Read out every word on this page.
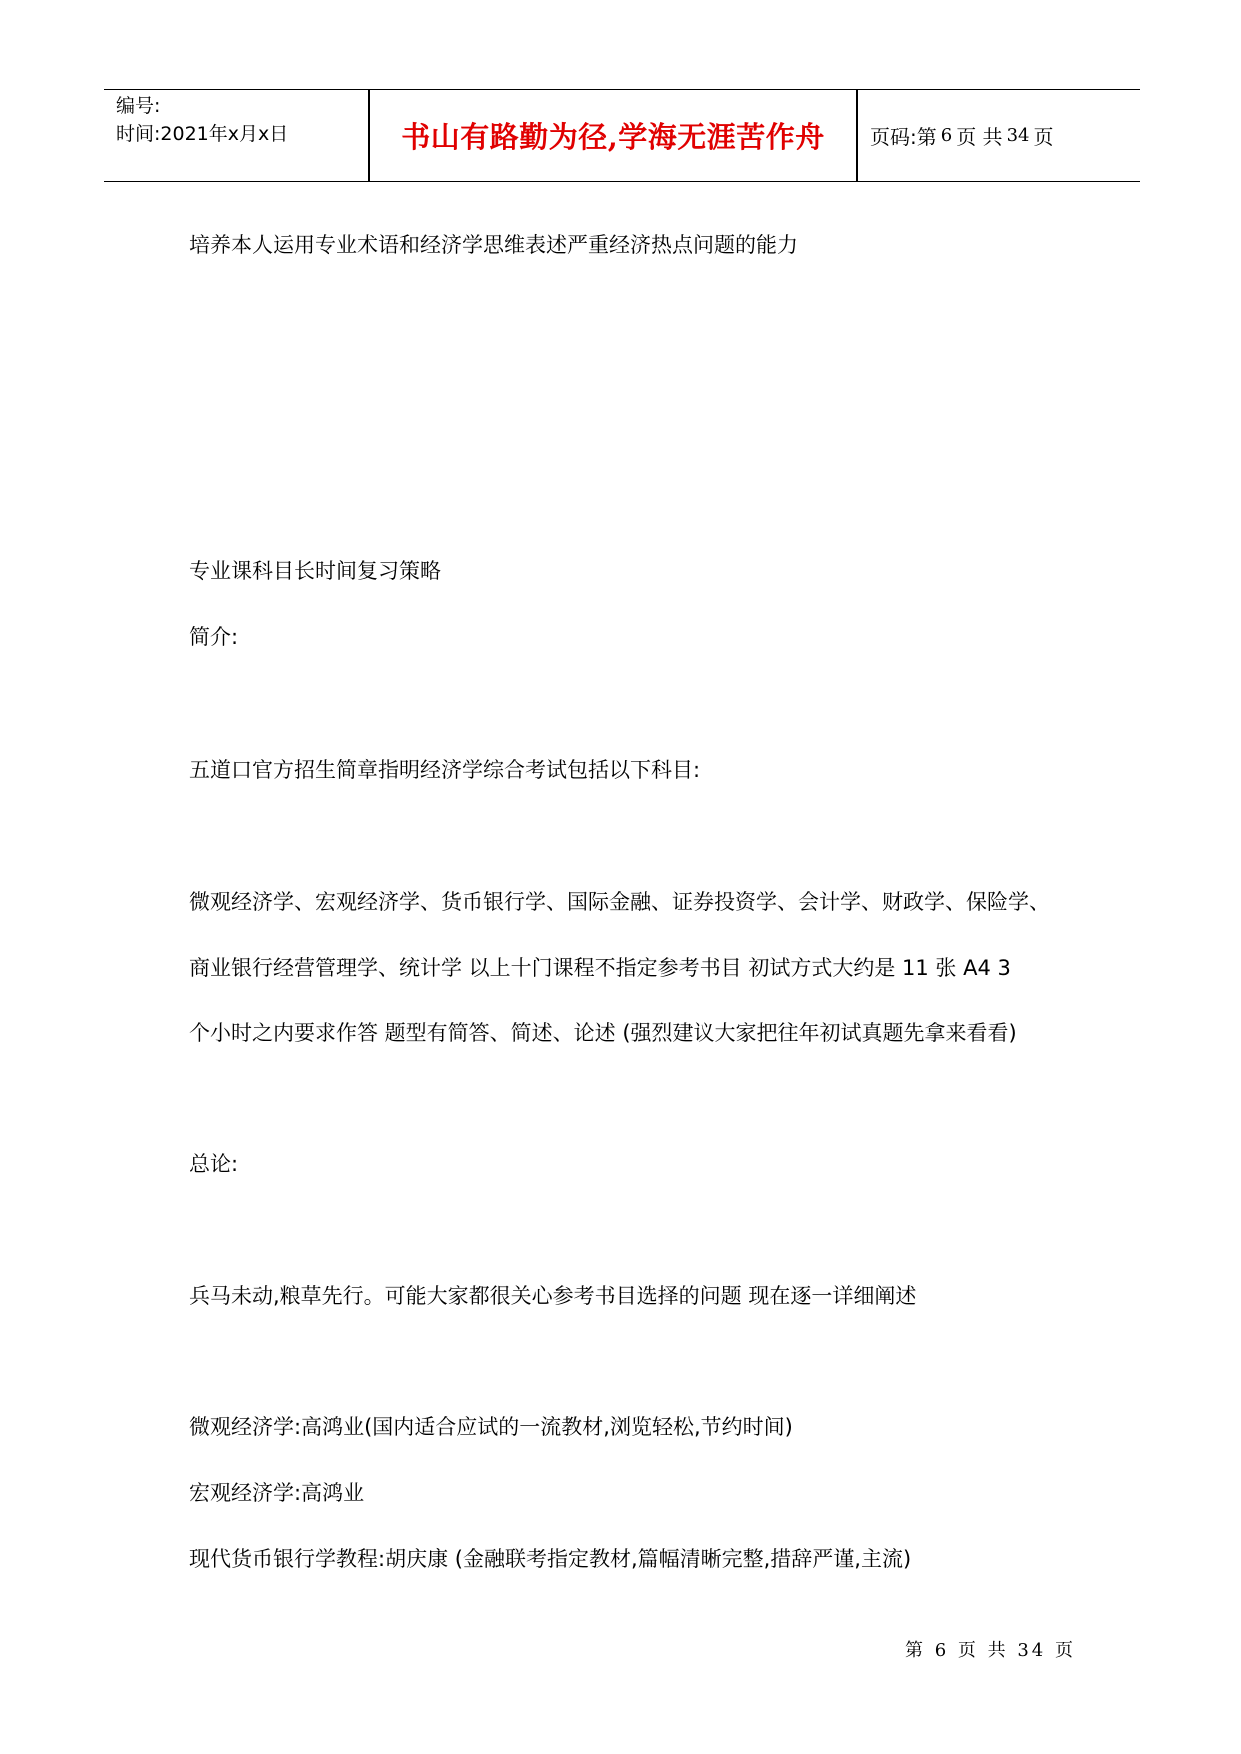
编号:
时间:2021年x月x日	书山有路勤为径,学海无涯苦作舟	页码:第 6 页 共 34 页
培养本人运用专业术语和经济学思维表述严重经济热点问题的能力
专业课科目长时间复习策略
简介:
五道口官方招生简章指明经济学综合考试包括以下科目:
微观经济学、宏观经济学、货币银行学、国际金融、证券投资学、会计学、财政学、保险学、
商业银行经营管理学、统计学 以上十门课程不指定参考书目 初试方式大约是 11 张 A4 3
个小时之内要求作答 题型有简答、简述、论述 (强烈建议大家把往年初试真题先拿来看看)
总论:
兵马未动,粮草先行。可能大家都很关心参考书目选择的问题 现在逐一详细阐述
微观经济学:高鸿业(国内适合应试的一流教材,浏览轻松,节约时间)
宏观经济学:高鸿业
现代货币银行学教程:胡庆康 (金融联考指定教材,篇幅清晰完整,措辞严谨,主流)
第 6 页 共 34 页
